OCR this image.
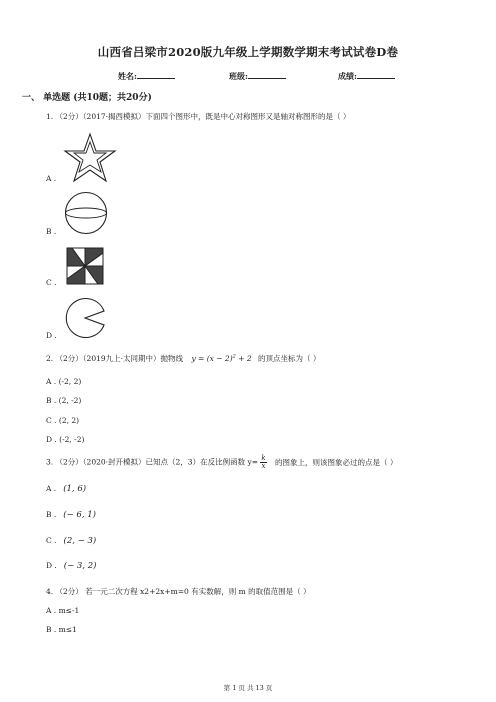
山西省吕梁市2020版九年级上学期数学期末考试试卷D卷
姓名:	班级:	成绩:
一、 单选题 (共10题；共20分)
1. （2分）（2017·揭西模拟）下面四个图形中，既是中心对称图形又是轴对称图形的是（ ）
A .
B .
C .
D .
2. （2分）（2019九上·太同期中）抛物线 $y = (x - 2)^2 + 2$ 的顶点坐标为（ ）
A . (-2, 2)
B . (2, -2)
C . (2, 2)
D . (-2, -2)
3. （2分）（2020·封开模拟）已知点（2，3）在反比例函数 $y= \frac{k}{x}$ 的图象上，则该图象必过的点是（ ）
A . (1, 6)
B . (− 6, 1)
C . (2, − 3)
D . (− 3, 2)
4. （2分） 若一元二次方程 x2+2x+m=0 有实数解，则 m 的取值范围是（ ）
A . m≤-1
B . m≤1
第 1 页 共 13 页
